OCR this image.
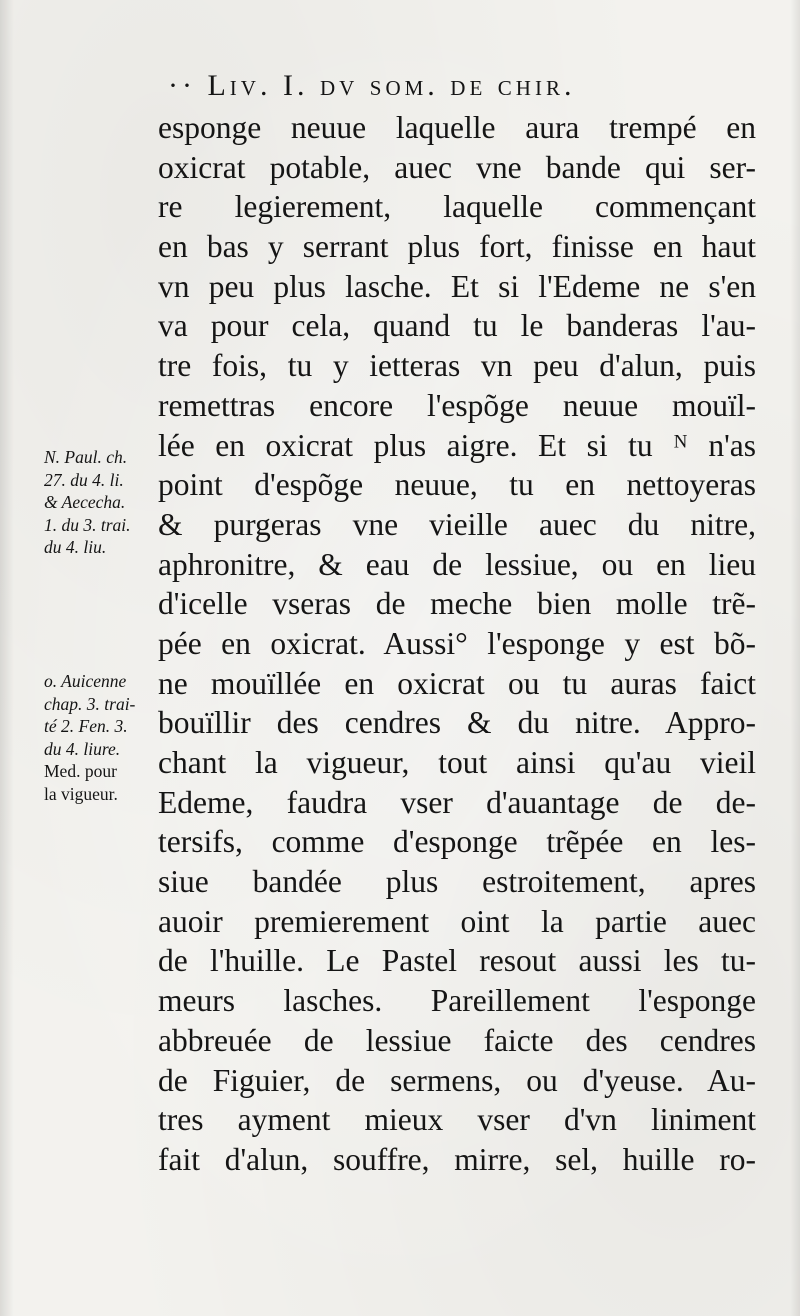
·· Liv. I. dv som. de chir.
esponge neuue laquelle aura trempé en
oxicrat potable, auec vne bande qui ser-
re legierement, laquelle commençant
en bas y serrant plus fort, finisse en haut
vn peu plus lasche. Et si l'Edeme ne s'en
va pour cela, quand tu le banderas l'au-
tre fois, tu y ietteras vn peu d'alun, puis
remettras encore l'espõge neuue mouïl-
lée en oxicrat plus aigre. Et si tu ᴺ n'as
point d'espõge neuue, tu en nettoyeras
& purgeras vne vieille auec du nitre,
aphronitre, & eau de lessiue, ou en lieu
d'icelle vseras de meche bien molle trẽ-
pée en oxicrat. Aussi° l'esponge y est bõ-
ne mouïllée en oxicrat ou tu auras faict
bouïllir des cendres & du nitre. Appro-
chant la vigueur, tout ainsi qu'au vieil
Edeme, faudra vser d'auantage de de-
tersifs, comme d'esponge trẽpée en les-
siue bandée plus estroitement, apres
auoir premierement oint la partie auec
de l'huille. Le Pastel resout aussi les tu-
meurs lasches. Pareillement l'esponge
abbreuée de lessiue faicte des cendres
de Figuier, de sermens, ou d'yeuse. Au-
tres ayment mieux vser d'vn liniment
fait d'alun, souffre, mirre, sel, huille ro-
N. Paul. ch.
27. du 4. li.
& Aececha.
1. du 3. trai.
du 4. liu.
o. Auicenne
chap. 3. trai-
té 2. Fen. 3.
du 4. liure.
Med. pour
la vigueur.
